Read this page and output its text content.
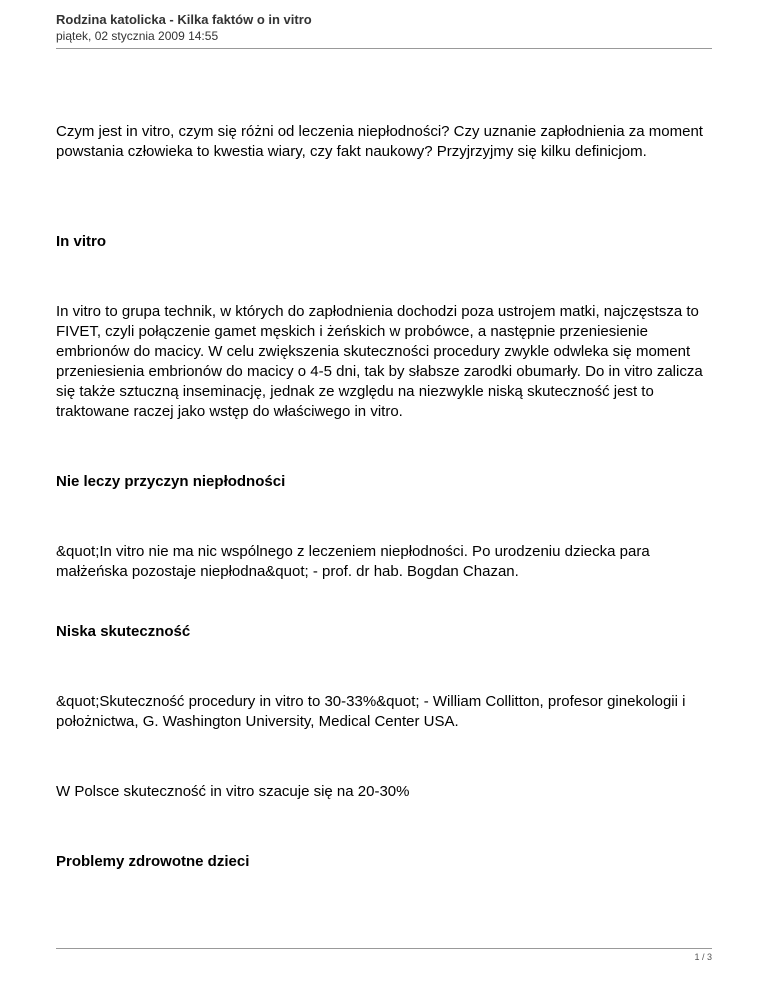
Rodzina katolicka - Kilka faktów o in vitro
piątek, 02 stycznia 2009 14:55

Czym jest in vitro, czym się różni od leczenia niepłodności? Czy uznanie zapłodnienia za moment powstania człowieka to kwestia wiary, czy fakt naukowy? Przyjrzyjmy się kilku definicjom.

In vitro

In vitro to grupa technik, w których do zapłodnienia dochodzi poza ustrojem matki, najczęstsza to FIVET, czyli połączenie gamet męskich i żeńskich w probówce, a następnie przeniesienie embrionów do macicy. W celu zwiększenia skuteczności procedury zwykle odwleka się moment przeniesienia embrionów do macicy o 4-5 dni, tak by słabsze zarodki obumarły. Do in vitro zalicza się także sztuczną inseminację, jednak ze względu na niezwykle niską skuteczność jest to traktowane raczej jako wstęp do właściwego in vitro.

Nie leczy przyczyn niepłodności

&quot;In vitro nie ma nic wspólnego z leczeniem niepłodności. Po urodzeniu dziecka para małżeńska pozostaje niepłodna&quot; - prof. dr hab. Bogdan Chazan.

Niska skuteczność

&quot;Skuteczność procedury in vitro to 30-33%&quot; - William Collitton, profesor ginekologii i położnictwa, G. Washington University, Medical Center USA.

W Polsce skuteczność in vitro szacuje się na 20-30%

Problemy zdrowotne dzieci
1 / 3
